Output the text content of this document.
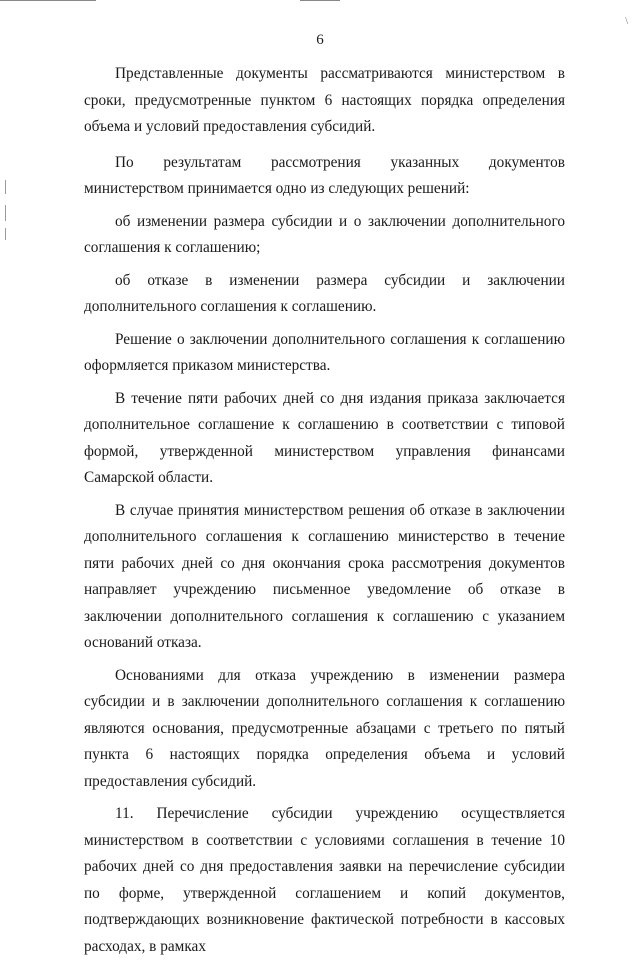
\
6

Представленные документы рассматриваются министерством в сроки, предусмотренные пунктом 6 настоящих порядка определения объема и условий предоставления субсидий.

По результатам рассмотрения указанных документов министерством принимается одно из следующих решений:

об изменении размера субсидии и о заключении дополнительного соглашения к соглашению;

об отказе в изменении размера субсидии и заключении дополнительного соглашения к соглашению.

Решение о заключении дополнительного соглашения к соглашению оформляется приказом министерства.

В течение пяти рабочих дней со дня издания приказа заключается дополнительное соглашение к соглашению в соответствии с типовой формой, утвержденной министерством управления финансами Самарской области.

В случае принятия министерством решения об отказе в заключении дополнительного соглашения к соглашению министерство в течение пяти рабочих дней со дня окончания срока рассмотрения документов направляет учреждению письменное уведомление об отказе в заключении дополнительного соглашения к соглашению с указанием оснований отказа.

Основаниями для отказа учреждению в изменении размера субсидии и в заключении дополнительного соглашения к соглашению являются основания, предусмотренные абзацами с третьего по пятый пункта 6 настоящих порядка определения объема и условий предоставления субсидий.

11. Перечисление субсидии учреждению осуществляется министерством в соответствии с условиями соглашения в течение 10 рабочих дней со дня предоставления заявки на перечисление субсидии по форме, утвержденной соглашением и копий документов, подтверждающих возникновение фактической потребности в кассовых расходах, в рамках
